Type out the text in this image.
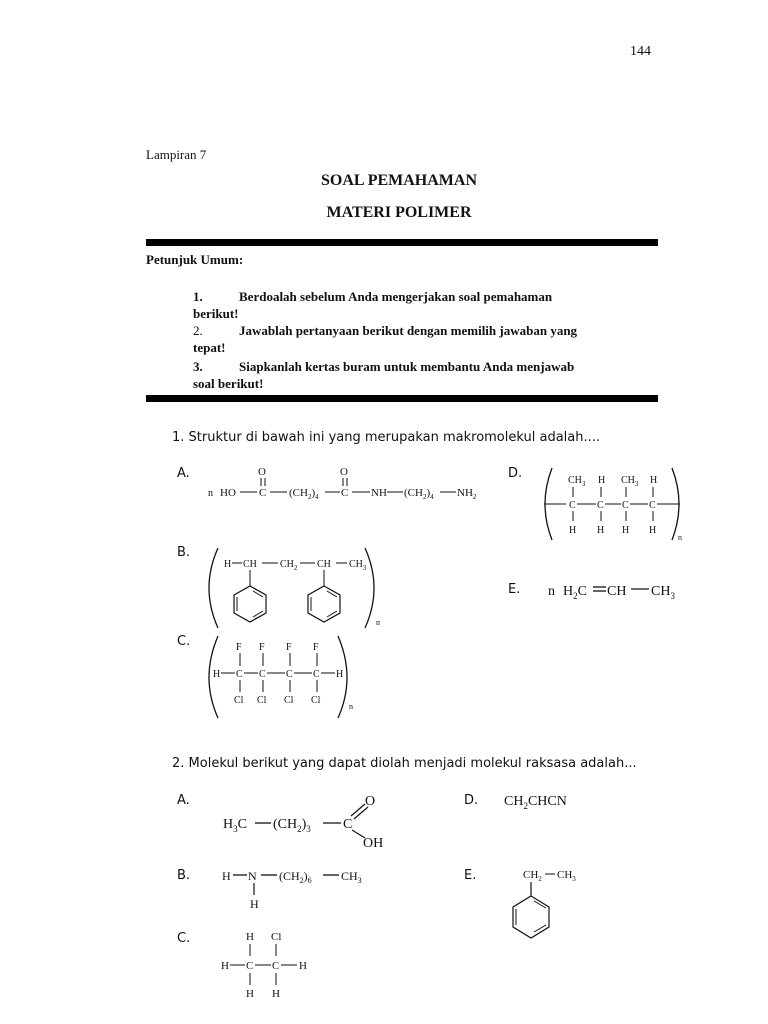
144
Lampiran 7
SOAL PEMAHAMAN
MATERI POLIMER
Petunjuk Umum:
1.	Berdoalah sebelum Anda mengerjakan soal pemahaman
berikut!
2.	Jawablah pertanyaan berikut dengan memilih jawaban yang
tepat!
3.	Siapkanlah kertas buram untuk membantu Anda menjawab
soal berikut!
1. Struktur di bawah ini yang merupakan makromolekul adalah....
A.	D.
B.
E.
C.
n HO C
O
$(CH_2)_4$ C
O
NH $(CH_2)_4$ $NH_2$
$CH_3$ H $CH_3$ H
C C C C
H H H H
n
H CH $CH_2$ CH $CH_3$
n
n $H_2C$ CH $CH_3$
F F F F
H C C C C H
Cl Cl Cl Cl
n
2. Molekul berikut yang dapat diolah menjadi molekul raksasa adalah...
A.	D.
B.	E.
C.
$H_3C$ $(CH_2)_3$ C
O
OH
$CH_2CHCN$
H N $(CH_2)_6$ $CH_3$
H
$CH_2$ $CH_3$
H Cl
H C C H
H H
